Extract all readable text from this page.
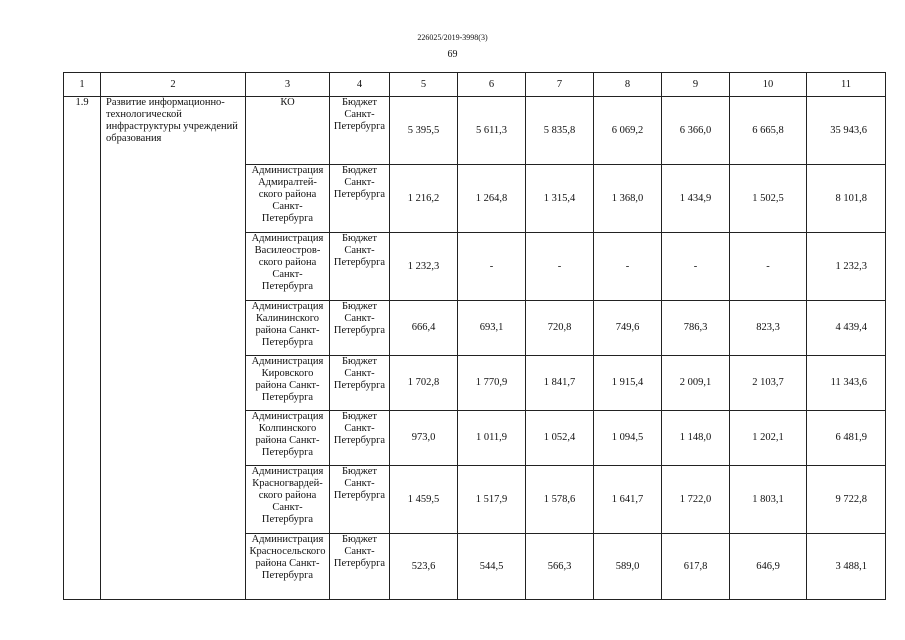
226025/2019-3998(3)
69
1	2	3	4	5	6	7	8	9	10	11
1.9	Развитие информационно-технологической инфраструктуры учреждений образования	КО	Бюджет Санкт-Петербурга	5 395,5	5 611,3	5 835,8	6 069,2	6 366,0	6 665,8	35 943,6
		Администрация Адмиралтей-ского района Санкт-Петербурга	Бюджет Санкт-Петербурга	1 216,2	1 264,8	1 315,4	1 368,0	1 434,9	1 502,5	8 101,8
		Администрация Василеостров-ского района Санкт-Петербурга	Бюджет Санкт-Петербурга	1 232,3	-	-	-	-	-	1 232,3
		Администрация Калининского района Санкт-Петербурга	Бюджет Санкт-Петербурга	666,4	693,1	720,8	749,6	786,3	823,3	4 439,4
		Администрация Кировского района Санкт-Петербурга	Бюджет Санкт-Петербурга	1 702,8	1 770,9	1 841,7	1 915,4	2 009,1	2 103,7	11 343,6
		Администрация Колпинского района Санкт-Петербурга	Бюджет Санкт-Петербурга	973,0	1 011,9	1 052,4	1 094,5	1 148,0	1 202,1	6 481,9
		Администрация Красногвардей-ского района Санкт-Петербурга	Бюджет Санкт-Петербурга	1 459,5	1 517,9	1 578,6	1 641,7	1 722,0	1 803,1	9 722,8
		Администрация Красносельского района Санкт-Петербурга	Бюджет Санкт-Петербурга	523,6	544,5	566,3	589,0	617,8	646,9	3 488,1
